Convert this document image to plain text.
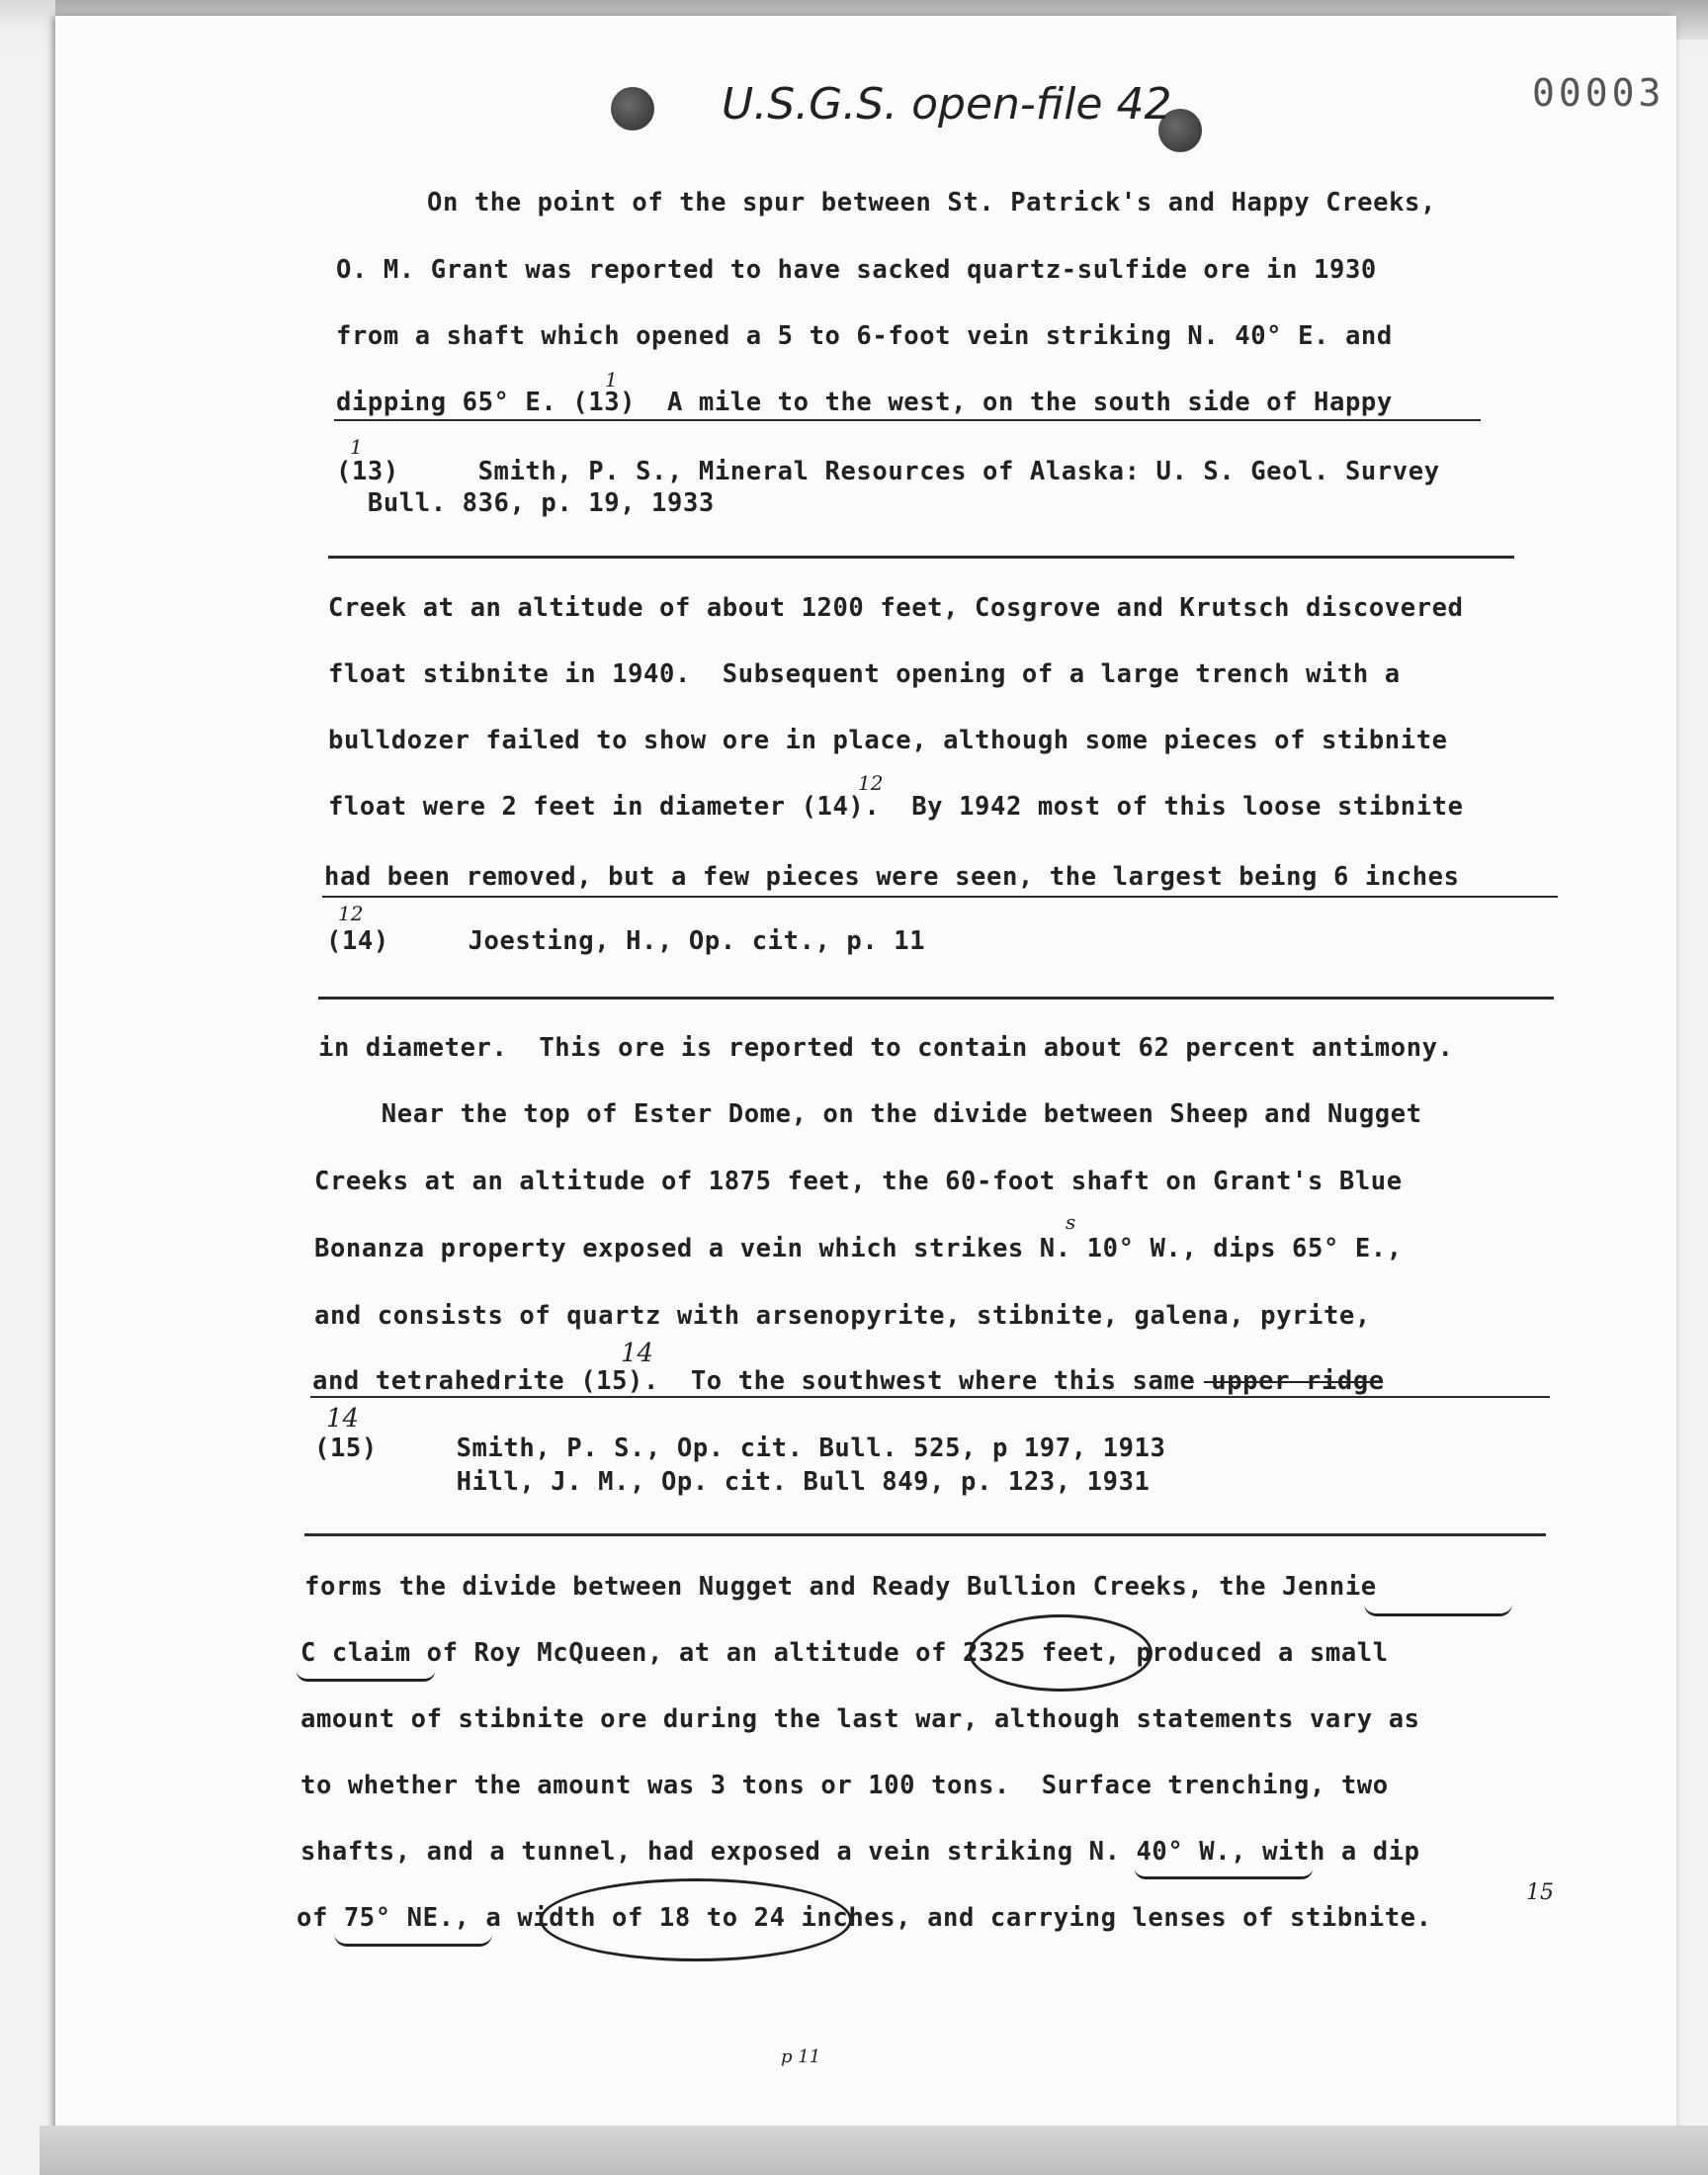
U.S.G.S. open-file 42	00003
On the point of the spur between St. Patrick's and Happy Creeks,
O. M. Grant was reported to have sacked quartz-sulfide ore in 1930
from a shaft which opened a 5 to 6-foot vein striking N. 40° E. and
dipping 65° E. (13)  A mile to the west, on the south side of Happy
(13)     Smith, P. S., Mineral Resources of Alaska: U. S. Geol. Survey
Bull. 836, p. 19, 1933
Creek at an altitude of about 1200 feet, Cosgrove and Krutsch discovered
float stibnite in 1940.  Subsequent opening of a large trench with a
bulldozer failed to show ore in place, although some pieces of stibnite
float were 2 feet in diameter (14).  By 1942 most of this loose stibnite
had been removed, but a few pieces were seen, the largest being 6 inches
(14)     Joesting, H., Op. cit., p. 11
in diameter.  This ore is reported to contain about 62 percent antimony.
Near the top of Ester Dome, on the divide between Sheep and Nugget
Creeks at an altitude of 1875 feet, the 60-foot shaft on Grant's Blue
Bonanza property exposed a vein which strikes N. 10° W., dips 65° E.,
and consists of quartz with arsenopyrite, stibnite, galena, pyrite,
and tetrahedrite (15).  To the southwest where this same upper ridge
(15)     Smith, P. S., Op. cit. Bull. 525, p 197, 1913
Hill, J. M., Op. cit. Bull 849, p. 123, 1931
forms the divide between Nugget and Ready Bullion Creeks, the Jennie
C claim of Roy McQueen, at an altitude of 2325 feet, produced a small
amount of stibnite ore during the last war, although statements vary as
to whether the amount was 3 tons or 100 tons.  Surface trenching, two
shafts, and a tunnel, had exposed a vein striking N. 40° W., with a dip
of 75° NE., a width of 18 to 24 inches, and carrying lenses of stibnite.
1
1
12
12
s
14
14
15
p 11
